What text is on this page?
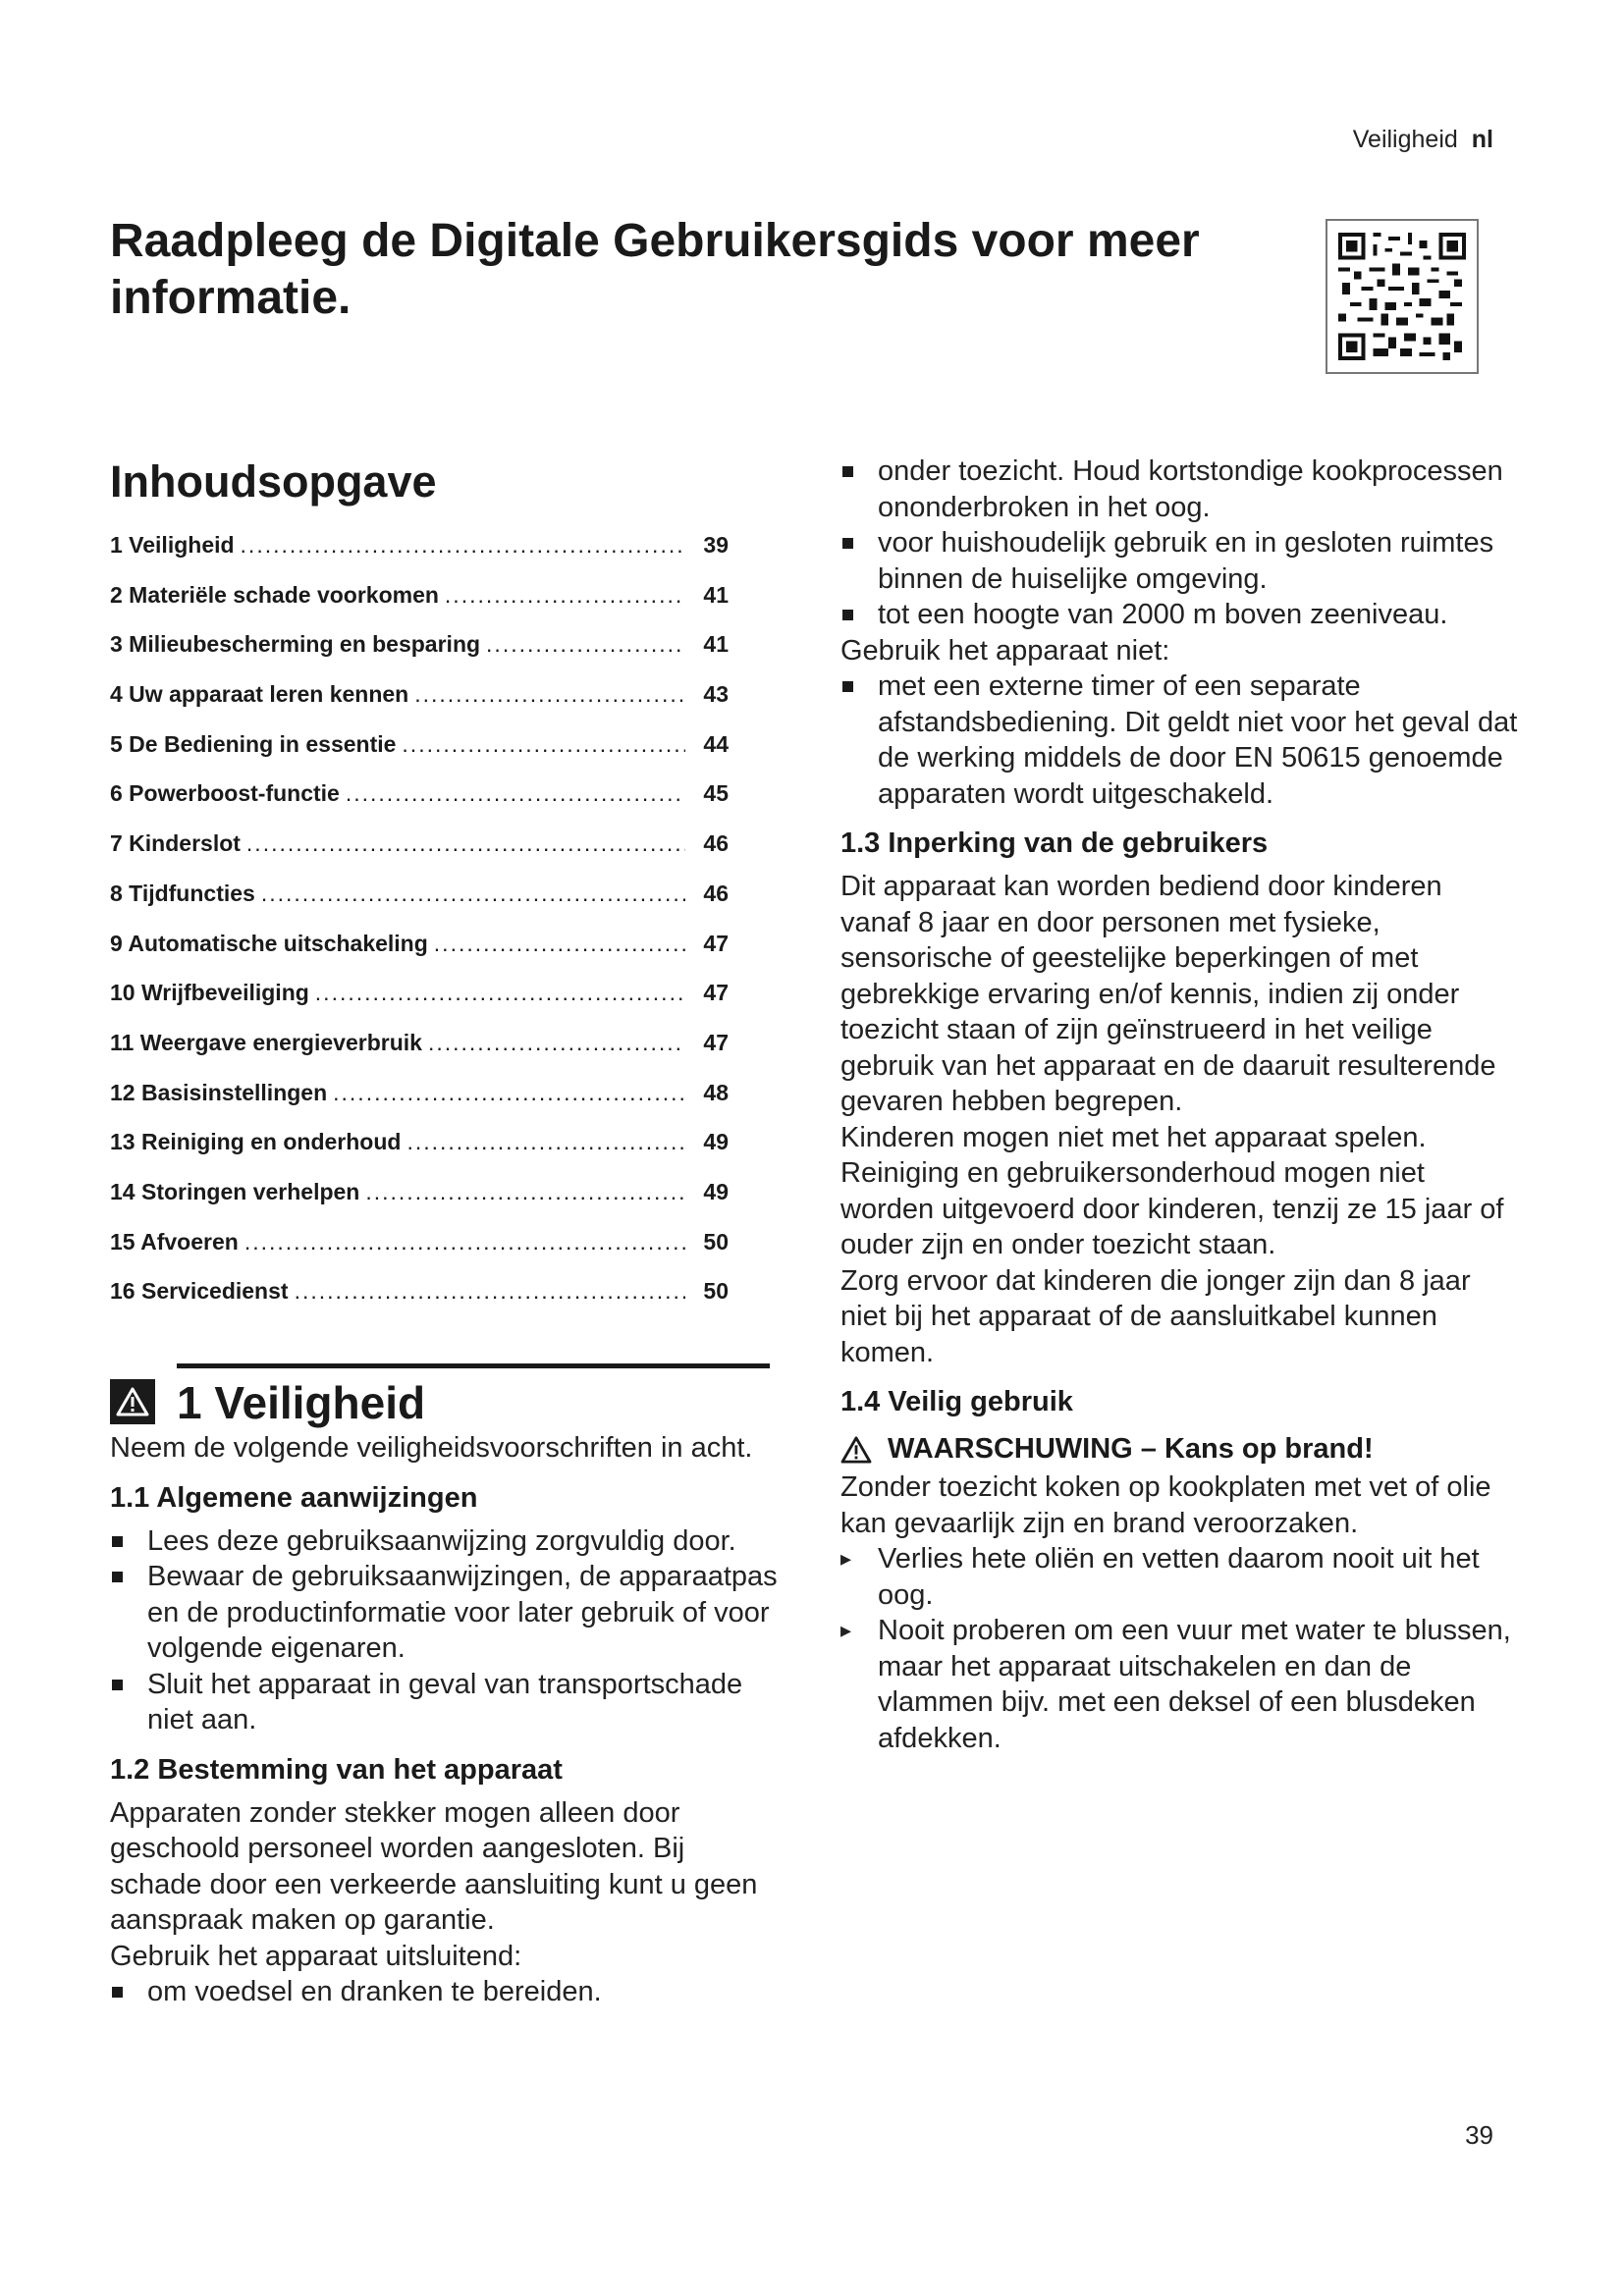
Veiligheid nl
Raadpleeg de Digitale Gebruikersgids voor meer informatie.
Inhoudsopgave
1 Veiligheid .....	39
2 Materiële schade voorkomen .....	41
3 Milieubescherming en besparing .....	41
4 Uw apparaat leren kennen .....	43
5 De Bediening in essentie .....	44
6 Powerboost-functie .....	45
7 Kinderslot .....	46
8 Tijdfuncties .....	46
9 Automatische uitschakeling .....	47
10 Wrijfbeveiliging .....	47
11 Weergave energieverbruik .....	47
12 Basisinstellingen .....	48
13 Reiniging en onderhoud .....	49
14 Storingen verhelpen .....	49
15 Afvoeren .....	50
16 Servicedienst .....	50
1 Veiligheid

Neem de volgende veiligheidsvoorschriften in acht.

1.1 Algemene aanwijzingen
Lees deze gebruiksaanwijzing zorgvuldig door.
Bewaar de gebruiksaanwijzingen, de apparaatpas en de productinformatie voor later gebruik of voor volgende eigenaren.
Sluit het apparaat in geval van transportschade niet aan.
1.2 Bestemming van het apparaat

Apparaten zonder stekker mogen alleen door geschoold personeel worden aangesloten. Bij schade door een verkeerde aansluiting kunt u geen aanspraak maken op garantie.

Gebruik het apparaat uitsluitend:

om voedsel en dranken te bereiden.
onder toezicht. Houd kortstondige kookprocessen ononderbroken in het oog.
voor huishoudelijk gebruik en in gesloten ruimtes binnen de huiselijke omgeving.
tot een hoogte van 2000 m boven zeeniveau.

Gebruik het apparaat niet:

met een externe timer of een separate afstandsbediening. Dit geldt niet voor het geval dat de werking middels de door EN 50615 genoemde apparaten wordt uitgeschakeld.
1.3 Inperking van de gebruikers

Dit apparaat kan worden bediend door kinderen vanaf 8 jaar en door personen met fysieke, sensorische of geestelijke beperkingen of met gebrekkige ervaring en/of kennis, indien zij onder toezicht staan of zijn geïnstrueerd in het veilige gebruik van het apparaat en de daaruit resulterende gevaren hebben begrepen.

Kinderen mogen niet met het apparaat spelen.

Reiniging en gebruikersonderhoud mogen niet worden uitgevoerd door kinderen, tenzij ze 15 jaar of ouder zijn en onder toezicht staan.

Zorg ervoor dat kinderen die jonger zijn dan 8 jaar niet bij het apparaat of de aansluitkabel kunnen komen.

1.4 Veilig gebruik
WAARSCHUWING – Kans op brand!

Zonder toezicht koken op kookplaten met vet of olie kan gevaarlijk zijn en brand veroorzaken.

▸ Verlies hete oliën en vetten daarom nooit uit het oog.
▸ Nooit proberen om een vuur met water te blussen, maar het apparaat uitschakelen en dan de vlammen bijv. met een deksel of een blusdeken afdekken.
39
